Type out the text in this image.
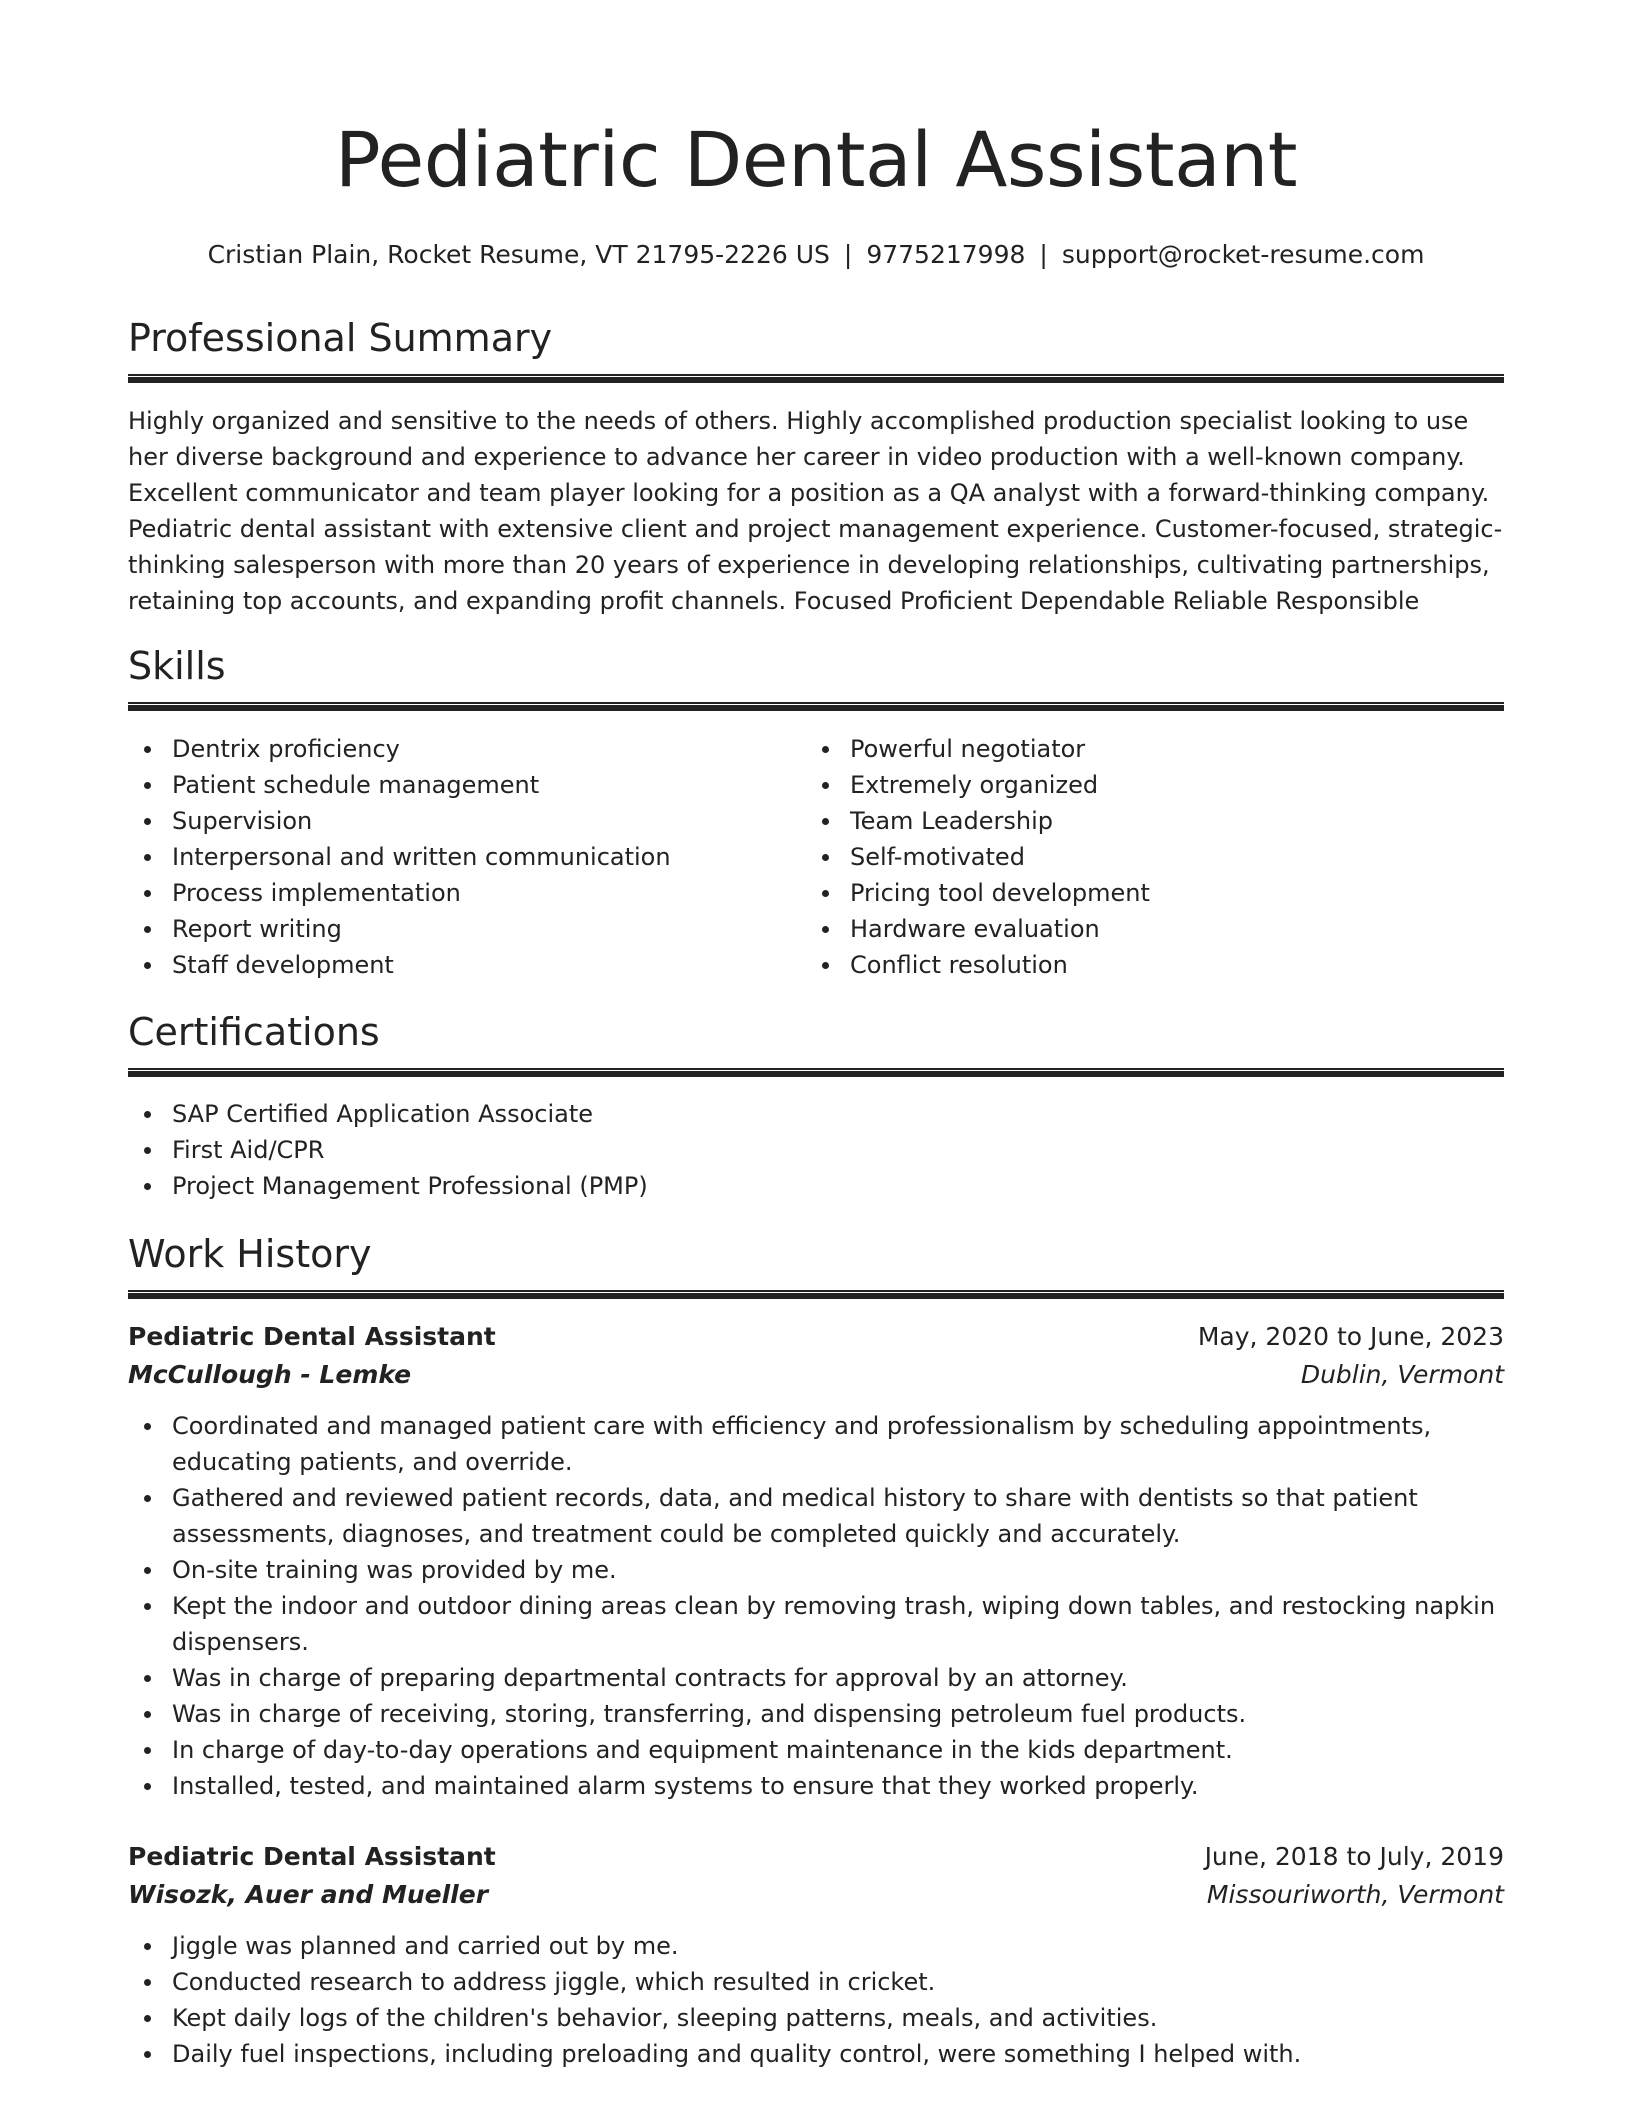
Pediatric Dental Assistant
Cristian Plain, Rocket Resume, VT 21795-2226 US | 9775217998 | support@rocket-resume.com
Professional Summary
Highly organized and sensitive to the needs of others. Highly accomplished production specialist looking to use her diverse background and experience to advance her career in video production with a well-known company. Excellent communicator and team player looking for a position as a QA analyst with a forward-thinking company. Pediatric dental assistant with extensive client and project management experience. Customer-focused, strategic-thinking salesperson with more than 20 years of experience in developing relationships, cultivating partnerships, retaining top accounts, and expanding profit channels. Focused Proficient Dependable Reliable Responsible
Skills
Dentrix proficiency
Patient schedule management
Supervision
Interpersonal and written communication
Process implementation
Report writing
Staff development
Powerful negotiator
Extremely organized
Team Leadership
Self-motivated
Pricing tool development
Hardware evaluation
Conflict resolution
Certifications
SAP Certified Application Associate
First Aid/CPR
Project Management Professional (PMP)
Work History
Pediatric Dental Assistant	May, 2020 to June, 2023
McCullough - Lemke	Dublin, Vermont
Coordinated and managed patient care with efficiency and professionalism by scheduling appointments, educating patients, and override.
Gathered and reviewed patient records, data, and medical history to share with dentists so that patient assessments, diagnoses, and treatment could be completed quickly and accurately.
On-site training was provided by me.
Kept the indoor and outdoor dining areas clean by removing trash, wiping down tables, and restocking napkin dispensers.
Was in charge of preparing departmental contracts for approval by an attorney.
Was in charge of receiving, storing, transferring, and dispensing petroleum fuel products.
In charge of day-to-day operations and equipment maintenance in the kids department.
Installed, tested, and maintained alarm systems to ensure that they worked properly.
Pediatric Dental Assistant	June, 2018 to July, 2019
Wisozk, Auer and Mueller	Missouriworth, Vermont
Jiggle was planned and carried out by me.
Conducted research to address jiggle, which resulted in cricket.
Kept daily logs of the children's behavior, sleeping patterns, meals, and activities.
Daily fuel inspections, including preloading and quality control, were something I helped with.
